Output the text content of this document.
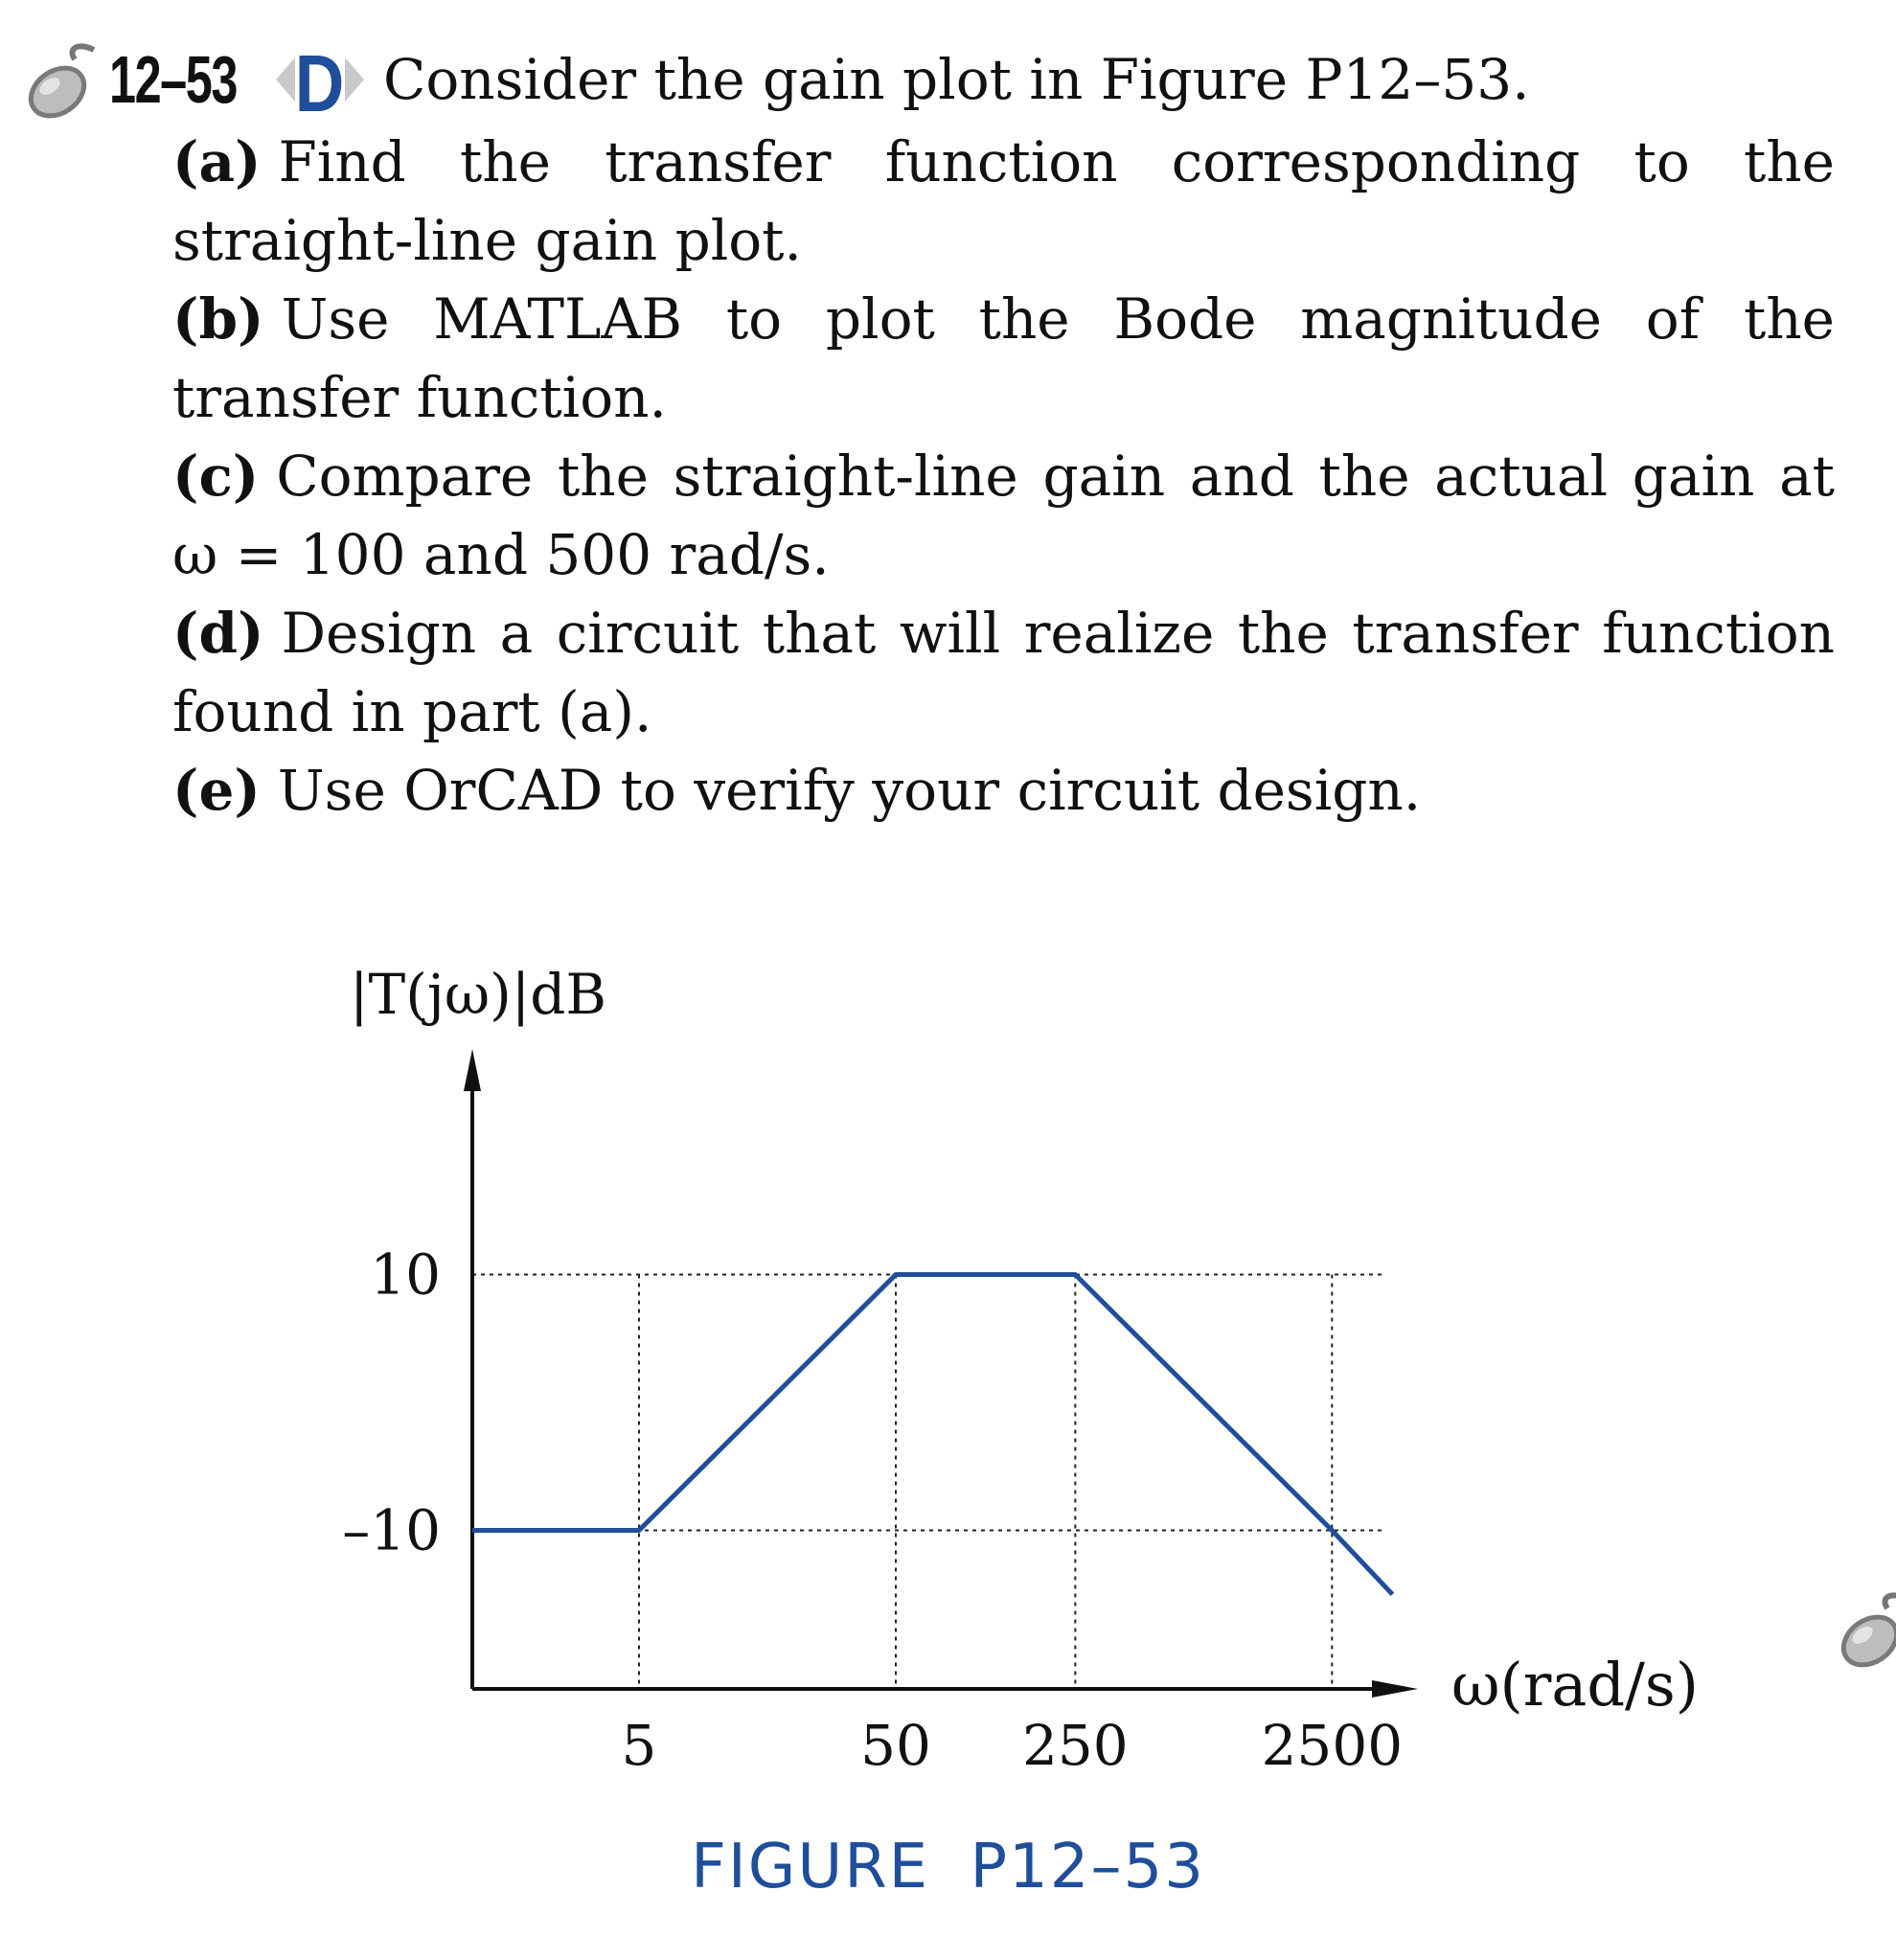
12–53 D Consider the gain plot in Figure P12–53.

(a) Find the transfer function corresponding to the straight-line gain plot.

(b) Use MATLAB to plot the Bode magnitude of the transfer function.

(c) Compare the straight-line gain and the actual gain at ω = 100 and 500 rad/s.

(d) Design a circuit that will realize the transfer function found in part (a).

(e) Use OrCAD to verify your circuit design.

10
–10
5	50 250 2500
|T(jω)|dB
ω(rad/s)
FIGURE P12–53
